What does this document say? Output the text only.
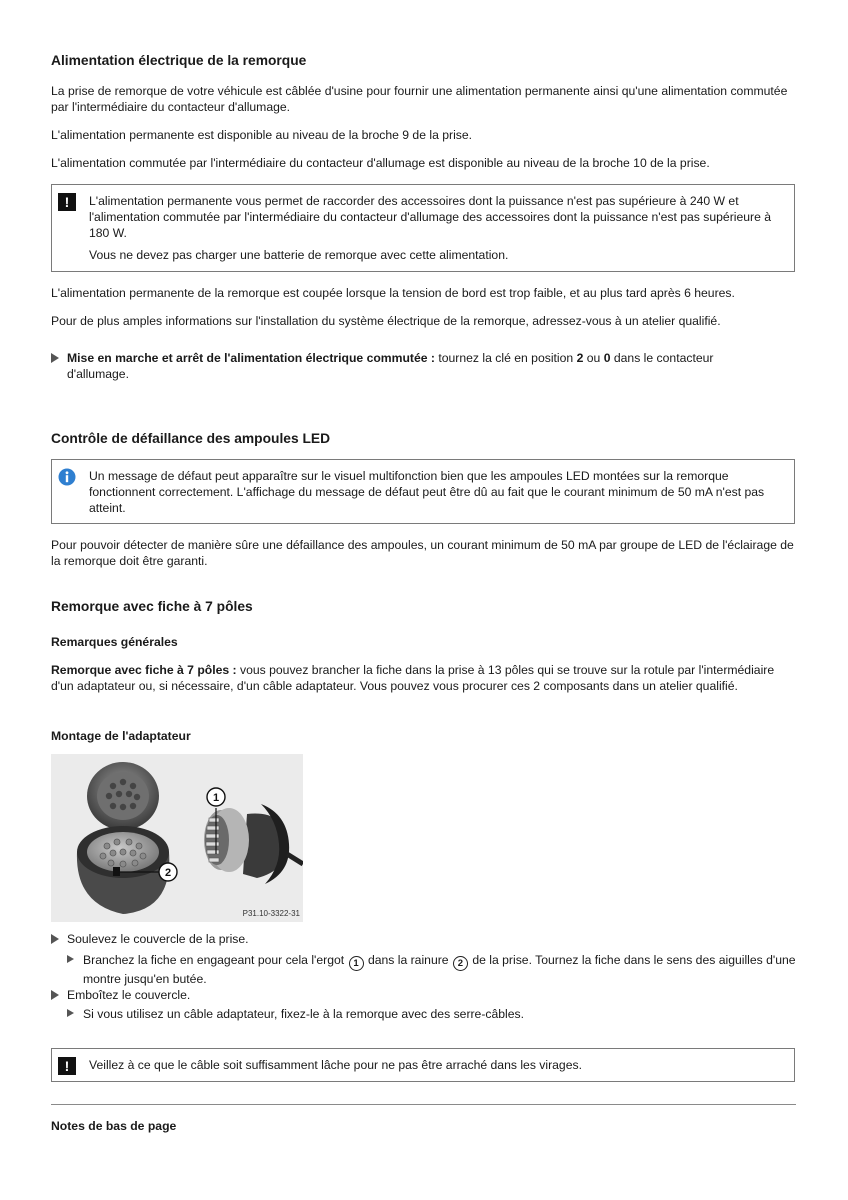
Alimentation électrique de la remorque

La prise de remorque de votre véhicule est câblée d'usine pour fournir une alimentation permanente ainsi qu'une alimentation commutée par l'intermédiaire du contacteur d'allumage.

L'alimentation permanente est disponible au niveau de la broche 9 de la prise.

L'alimentation commutée par l'intermédiaire du contacteur d'allumage est disponible au niveau de la broche 10 de la prise.

!	L'alimentation permanente vous permet de raccorder des accessoires dont la puissance n'est pas supérieure à 240 W et l'alimentation commutée par l'intermédiaire du contacteur d'allumage des accessoires dont la puissance n'est pas supérieure à 180 W.

Vous ne devez pas charger une batterie de remorque avec cette alimentation.

L'alimentation permanente de la remorque est coupée lorsque la tension de bord est trop faible, et au plus tard après 6 heures.

Pour de plus amples informations sur l'installation du système électrique de la remorque, adressez-vous à un atelier qualifié.

Mise en marche et arrêt de l'alimentation électrique commutée : tournez la clé en position 2 ou 0 dans le contacteur d'allumage.

Contrôle de défaillance des ampoules LED

Un message de défaut peut apparaître sur le visuel multifonction bien que les ampoules LED montées sur la remorque fonctionnent correctement. L'affichage du message de défaut peut être dû au fait que le courant minimum de 50 mA n'est pas atteint.

Pour pouvoir détecter de manière sûre une défaillance des ampoules, un courant minimum de 50 mA par groupe de LED de l'éclairage de la remorque doit être garanti.

Remorque avec fiche à 7 pôles
Remarques générales

Remorque avec fiche à 7 pôles : vous pouvez brancher la fiche dans la prise à 13 pôles qui se trouve sur la rotule par l'intermédiaire d'un adaptateur ou, si nécessaire, d'un câble adaptateur. Vous pouvez vous procurer ces 2 composants dans un atelier qualifié.

Montage de l'adaptateur
2
1
P31.10-3322-31

Soulevez le couvercle de la prise.

Branchez la fiche en engageant pour cela l'ergot 1 dans la rainure 2 de la prise. Tournez la fiche dans le sens des aiguilles d'une montre jusqu'en butée.

Emboîtez le couvercle.

Si vous utilisez un câble adaptateur, fixez-le à la remorque avec des serre-câbles.

!	Veillez à ce que le câble soit suffisamment lâche pour ne pas être arraché dans les virages.

Notes de bas de page
